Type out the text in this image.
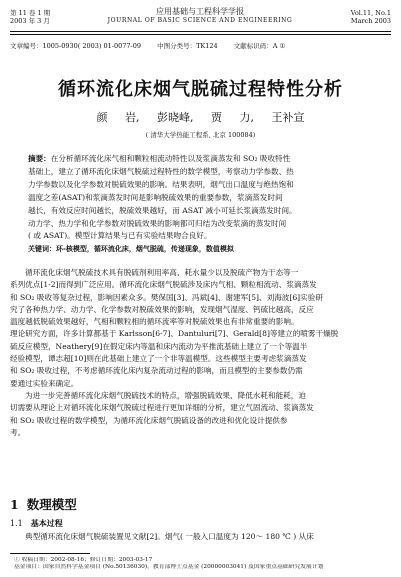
第 11 卷 1 期
2003 年 3 月
应用基础与工程科学学报
JOURNAL OF BASIC SCIENCE AND ENGINEERING
Vol.11, No.1
March 2003
文章编号：1005-0930( 2003) 01-0077-09 中图分类号：TK124 文献标识码：A ①
循环流化床烟气脱硫过程特性分析
颜 岩, 彭晓峰, 贾 力, 王补宣
( 清华大学热能工程系, 北京 100084)
摘要：在分析循环流化床气相和颗粒相流动特性以及浆滴蒸发和 SO₂ 吸收特性
基础上，建立了循环流化床烟气脱硫过程特性的数学模型，考察动力学参数、热
力学参数以及化学参数对脱硫效果的影响。结果表明，烟气出口温度与绝热饱和
温度之差(ASAT)和浆滴蒸发时间是影响脱硫效果的重要参数，浆滴蒸发时间
越长，有效反应时间越长，脱硫效果越好，而 ASAT 减小可延长浆滴蒸发时间。
动力学、热力学和化学参数对脱硫效果的影响都可归结为改变浆滴的蒸发时间
( 或 ASAT)。模型计算结果与已有实验结果吻合良好。
关键词：环-核模型，循环流化床，烟气脱硫，传递现象，数值模拟
循环流化床烟气脱硫技术具有脱硫剂利用率高、耗水量少以及脱硫产物为干态等一
系列优点[1-2]而得到广泛应用。循环流化床烟气脱硫涉及床内气相、颗粒相流动、浆滴蒸发
和 SO₂ 吸收等复杂过程，影响因素众多。樊保国[3]、冯斌[4]、谢建军[5]、刘海波[6]实验研
究了各种热力学、动力学、化学参数对脱硫效果的影响，发现烟气湿度、钙硫比越高，反应
温度越低脱硫效果越好，气相和颗粒相的循环流率等对脱硫效果也有非常重要的影响。
理论研究方面，许多计算都基于 Karlsson[6-7]、Dantuluri[7]、Gerald[8]等建立的喷雾干燥脱
硫反应模型，Neathery[9]在假定床内等温和床内流动为平推流基础上建立了一个等温半
经验模型，谭志超[10]则在此基础上建立了一个非等温模型。这些模型主要考虑浆滴蒸发
和 SO₂ 吸收过程，不考虑循环流化床内复杂流动过程的影响，而且模型的主要参数仍需
要通过实验来确定。
为进一步完善循环流化床烟气脱硫技术的特点，增强脱硫效果、降低水耗和能耗，迫
切需要从理论上对循环流化床烟气脱硫过程进行更加详细的分析，建立气固流动、浆滴蒸发
和 SO₂ 吸收过程的数学模型，为循环流化床烟气脱硫设备的改进和优化设计提供参
考。
1 数理模型
1.1 基本过程
典型循环流化床烟气脱硫装置见文献[2]。烟气( 一般入口温度为 120～ 180 ℃ ) 从床
① 收稿日期：2002-08-16；修订日期：2003-03-17
基金项目：国家自然科学基金项目 (No.50136030)，教育部博士点基金 (20000003041) 及国家重点基础研究发展计划
